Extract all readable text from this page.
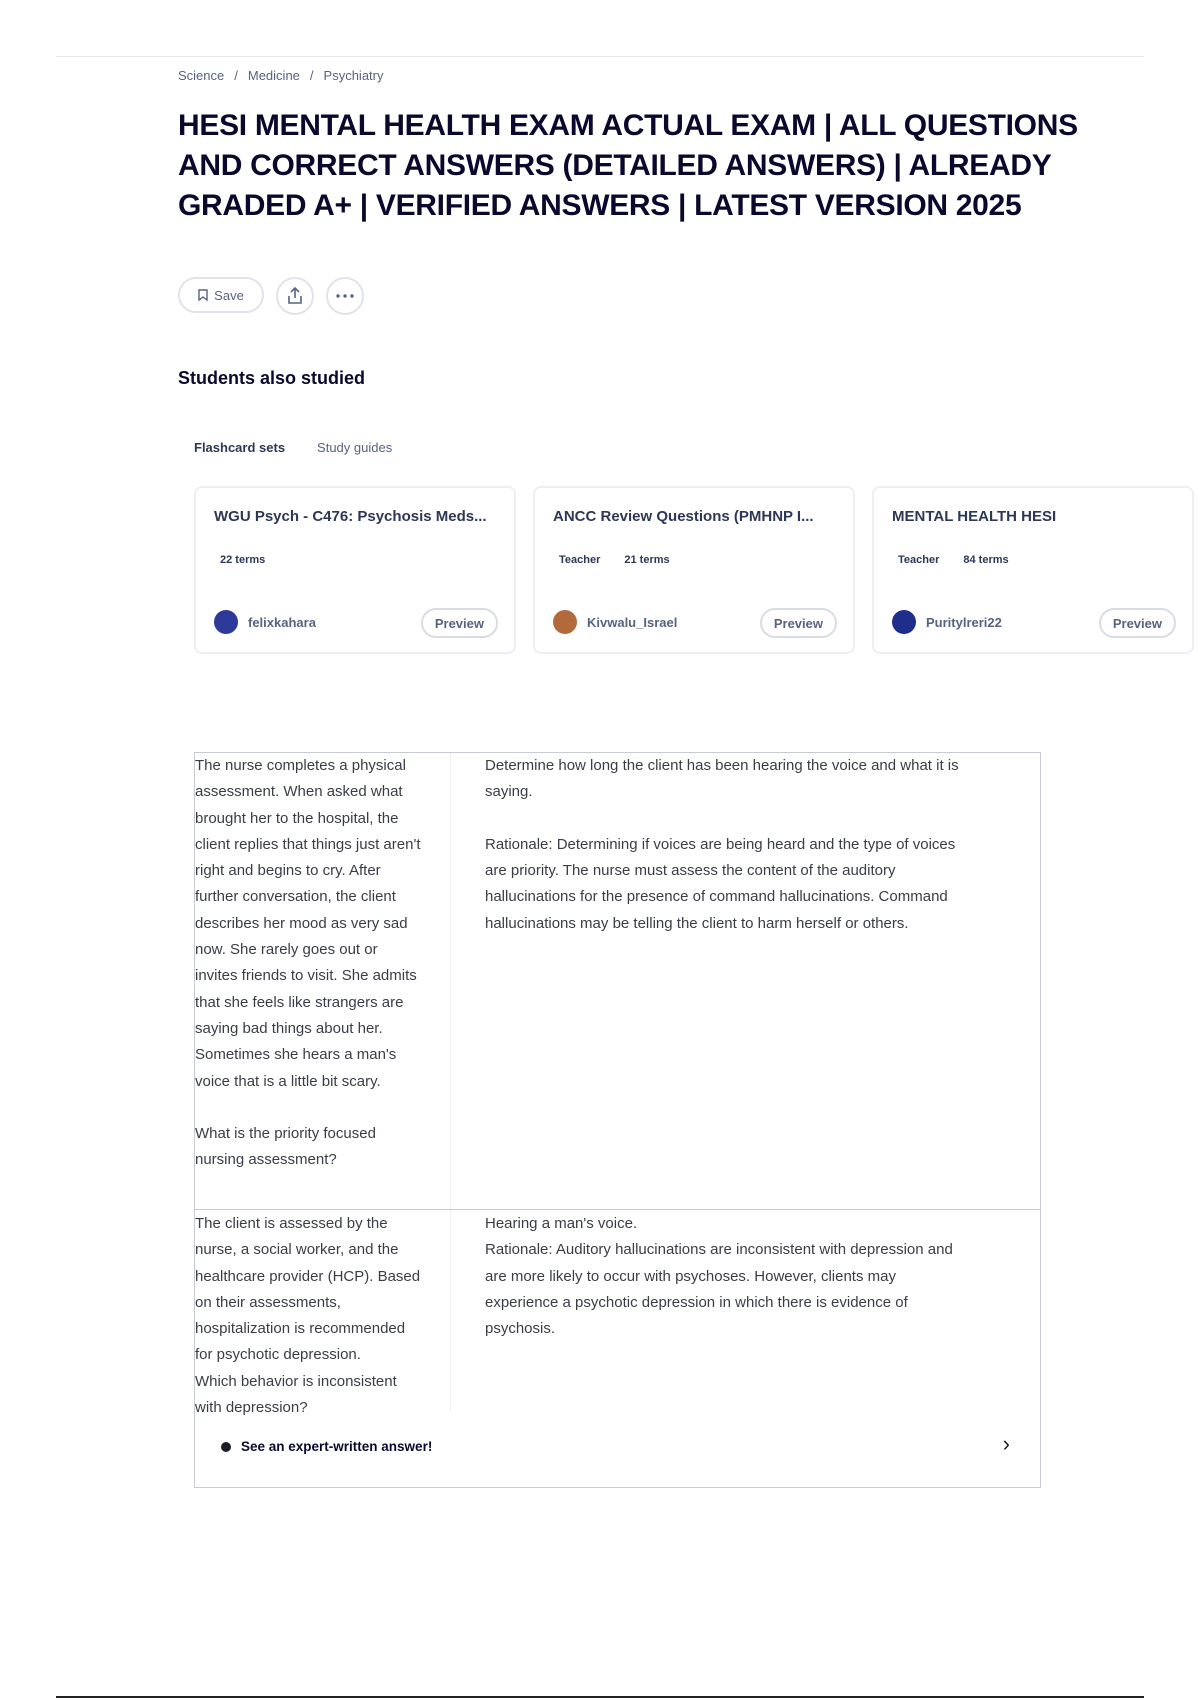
Science / Medicine / Psychiatry
HESI MENTAL HEALTH EXAM ACTUAL EXAM | ALL QUESTIONS AND CORRECT ANSWERS (DETAILED ANSWERS) | ALREADY GRADED A+ | VERIFIED ANSWERS | LATEST VERSION 2025
Save
Students also studied
Flashcard sets Study guides
WGU Psych - C476: Psychosis Meds...
22 terms
felixkahara	Preview
ANCC Review Questions (PMHNP I...
Teacher 21 terms
Kivwalu_Israel	Preview
MENTAL HEALTH HESI
Teacher 84 terms
Puritylreri22	Preview
The nurse completes a physical assessment. When asked what brought her to the hospital, the client replies that things just aren't right and begins to cry. After further conversation, the client describes her mood as very sad now. She rarely goes out or invites friends to visit. She admits that she feels like strangers are saying bad things about her. Sometimes she hears a man's voice that is a little bit scary.

What is the priority focused nursing assessment?
Determine how long the client has been hearing the voice and what it is saying.

Rationale: Determining if voices are being heard and the type of voices are priority. The nurse must assess the content of the auditory hallucinations for the presence of command hallucinations. Command hallucinations may be telling the client to harm herself or others.
The client is assessed by the nurse, a social worker, and the healthcare provider (HCP). Based on their assessments, hospitalization is recommended for psychotic depression.
Which behavior is inconsistent with depression?
Hearing a man's voice.
Rationale: Auditory hallucinations are inconsistent with depression and are more likely to occur with psychoses. However, clients may experience a psychotic depression in which there is evidence of psychosis.
See an expert-written answer!	›
